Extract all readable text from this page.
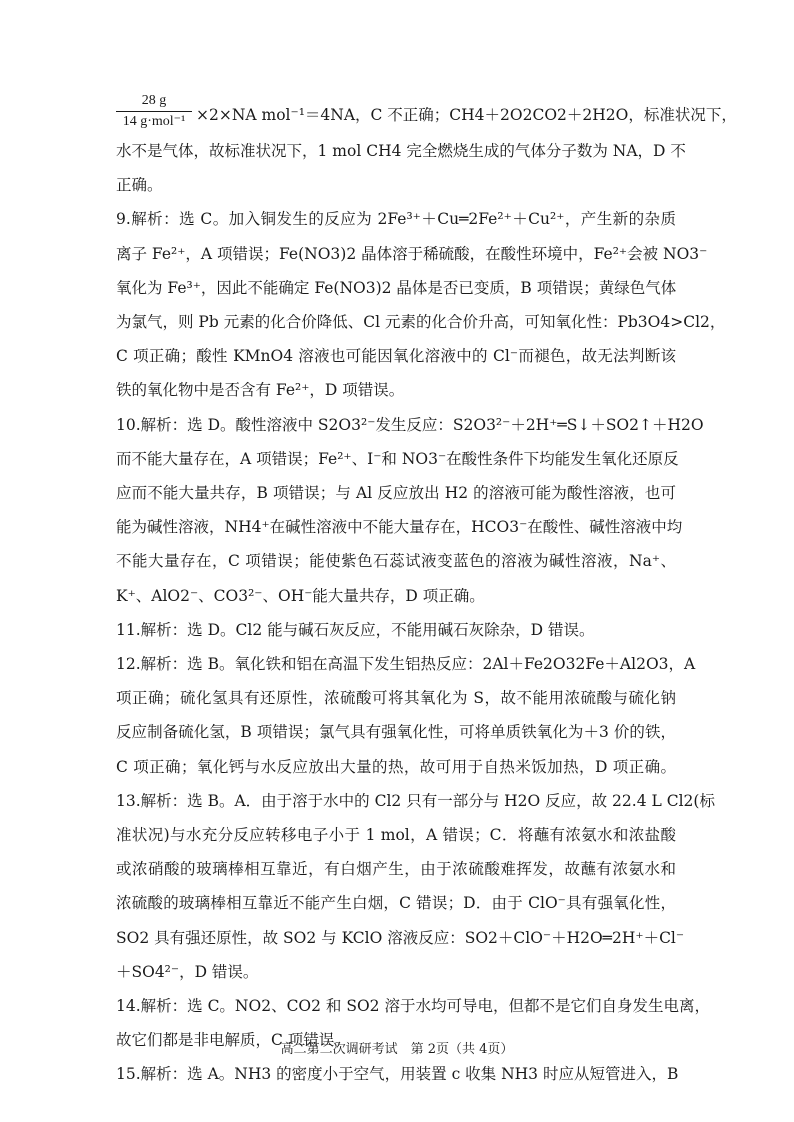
28 g
14 g·mol⁻¹ ×2×NA mol⁻¹＝4NA，C 不正确；CH4＋2O2CO2＋2H2O，标准状况下，
水不是气体，故标准状况下，1 mol CH4 完全燃烧生成的气体分子数为 NA，D 不
正确。
9.解析：选 C。加入铜发生的反应为 2Fe³⁺＋Cu═2Fe²⁺＋Cu²⁺，产生新的杂质
离子 Fe²⁺，A 项错误；Fe(NO3)2 晶体溶于稀硫酸，在酸性环境中，Fe²⁺会被 NO3⁻
氧化为 Fe³⁺，因此不能确定 Fe(NO3)2 晶体是否已变质，B 项错误；黄绿色气体
为氯气，则 Pb 元素的化合价降低、Cl 元素的化合价升高，可知氧化性：Pb3O4>Cl2，
C 项正确；酸性 KMnO4 溶液也可能因氧化溶液中的 Cl⁻而褪色，故无法判断该
铁的氧化物中是否含有 Fe²⁺，D 项错误。
10.解析：选 D。酸性溶液中 S2O3²⁻发生反应：S2O3²⁻＋2H⁺═S↓＋SO2↑＋H2O
而不能大量存在，A 项错误；Fe²⁺、I⁻和 NO3⁻在酸性条件下均能发生氧化还原反
应而不能大量共存，B 项错误；与 Al 反应放出 H2 的溶液可能为酸性溶液，也可
能为碱性溶液，NH4⁺在碱性溶液中不能大量存在，HCO3⁻在酸性、碱性溶液中均
不能大量存在，C 项错误；能使紫色石蕊试液变蓝色的溶液为碱性溶液，Na⁺、
K⁺、AlO2⁻、CO3²⁻、OH⁻能大量共存，D 项正确。
11.解析：选 D。Cl2 能与碱石灰反应，不能用碱石灰除杂，D 错误。
12.解析：选 B。氧化铁和铝在高温下发生铝热反应：2Al＋Fe2O32Fe＋Al2O3，A
项正确；硫化氢具有还原性，浓硫酸可将其氧化为 S，故不能用浓硫酸与硫化钠
反应制备硫化氢，B 项错误；氯气具有强氧化性，可将单质铁氧化为＋3 价的铁，
C 项正确；氧化钙与水反应放出大量的热，故可用于自热米饭加热，D 项正确。
13.解析：选 B。A．由于溶于水中的 Cl2 只有一部分与 H2O 反应，故 22.4 L Cl2(标
准状况)与水充分反应转移电子小于 1 mol，A 错误；C．将蘸有浓氨水和浓盐酸
或浓硝酸的玻璃棒相互靠近，有白烟产生，由于浓硫酸难挥发，故蘸有浓氨水和
浓硫酸的玻璃棒相互靠近不能产生白烟，C 错误；D．由于 ClO⁻具有强氧化性，
SO2 具有强还原性，故 SO2 与 KClO 溶液反应：SO2＋ClO⁻＋H2O═2H⁺＋Cl⁻
＋SO4²⁻，D 错误。
14.解析：选 C。NO2、CO2 和 SO2 溶于水均可导电，但都不是它们自身发生电离，
故它们都是非电解质，C 项错误。
15.解析：选 A。NH3 的密度小于空气，用装置 c 收集 NH3 时应从短管进入，B
高二第二次调研考试　第 2页（共 4页）
